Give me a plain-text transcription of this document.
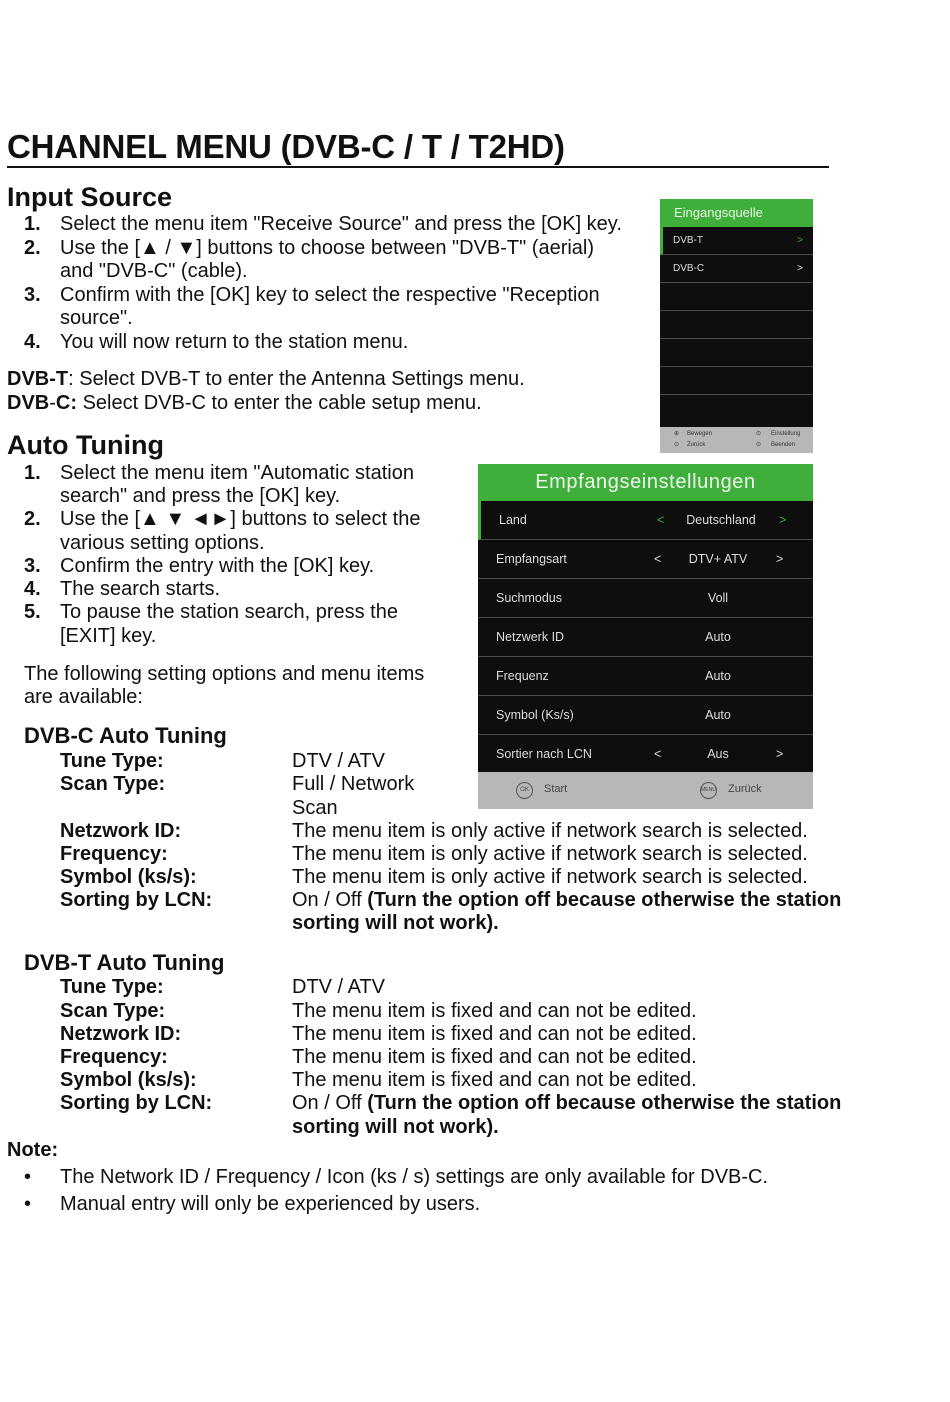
CHANNEL MENU (DVB-C / T / T2HD)
Input Source
1. Select the menu item "Receive Source" and press the [OK] key.
2. Use the [▲ / ▼] buttons to choose between "DVB-T" (aerial)
and "DVB-C" (cable).
3. Confirm with the [OK] key to select the respective "Reception
source".
4. You will now return to the station menu.
DVB-T: Select DVB-T to enter the Antenna Settings menu.
DVB-C: Select DVB-C to enter the cable setup menu.
Eingangsquelle
DVB-T	>
DVB-C	>
⊕ Bewegen	⊙ Einstellung
⊙ Zurück	⊙ Beenden
Auto Tuning
1. Select the menu item "Automatic station
search" and press the [OK] key.
2. Use the [▲ ▼ ◄►] buttons to select the
various setting options.
3. Confirm the entry with the [OK] key.
4. The search starts.
5. To pause the station search, press the
[EXIT] key.
The following setting options and menu items
are available:
Empfangseinstellungen
Land	<	Deutschland	>
Empfangsart	<	DTV+ ATV	>
Suchmodus	Voll
Netzwerk ID	Auto
Frequenz	Auto
Symbol (Ks/s)	Auto
Sortier nach LCN	<	Aus	>
OK	Start	MENU Zurück
DVB-C Auto Tuning
Tune Type:	DTV / ATV
Scan Type:	Full / Network
Scan
Netzwork ID:	The menu item is only active if network search is selected.
Frequency:	The menu item is only active if network search is selected.
Symbol (ks/s):	The menu item is only active if network search is selected.
Sorting by LCN:	On / Off (Turn the option off because otherwise the station
sorting will not work).
DVB-T Auto Tuning
Tune Type:	DTV / ATV
Scan Type:	The menu item is fixed and can not be edited.
Netzwork ID:	The menu item is fixed and can not be edited.
Frequency:	The menu item is fixed and can not be edited.
Symbol (ks/s):	The menu item is fixed and can not be edited.
Sorting by LCN:	On / Off (Turn the option off because otherwise the station
sorting will not work).
Note:
• The Network ID / Frequency / Icon (ks / s) settings are only available for DVB-C.
• Manual entry will only be experienced by users.
